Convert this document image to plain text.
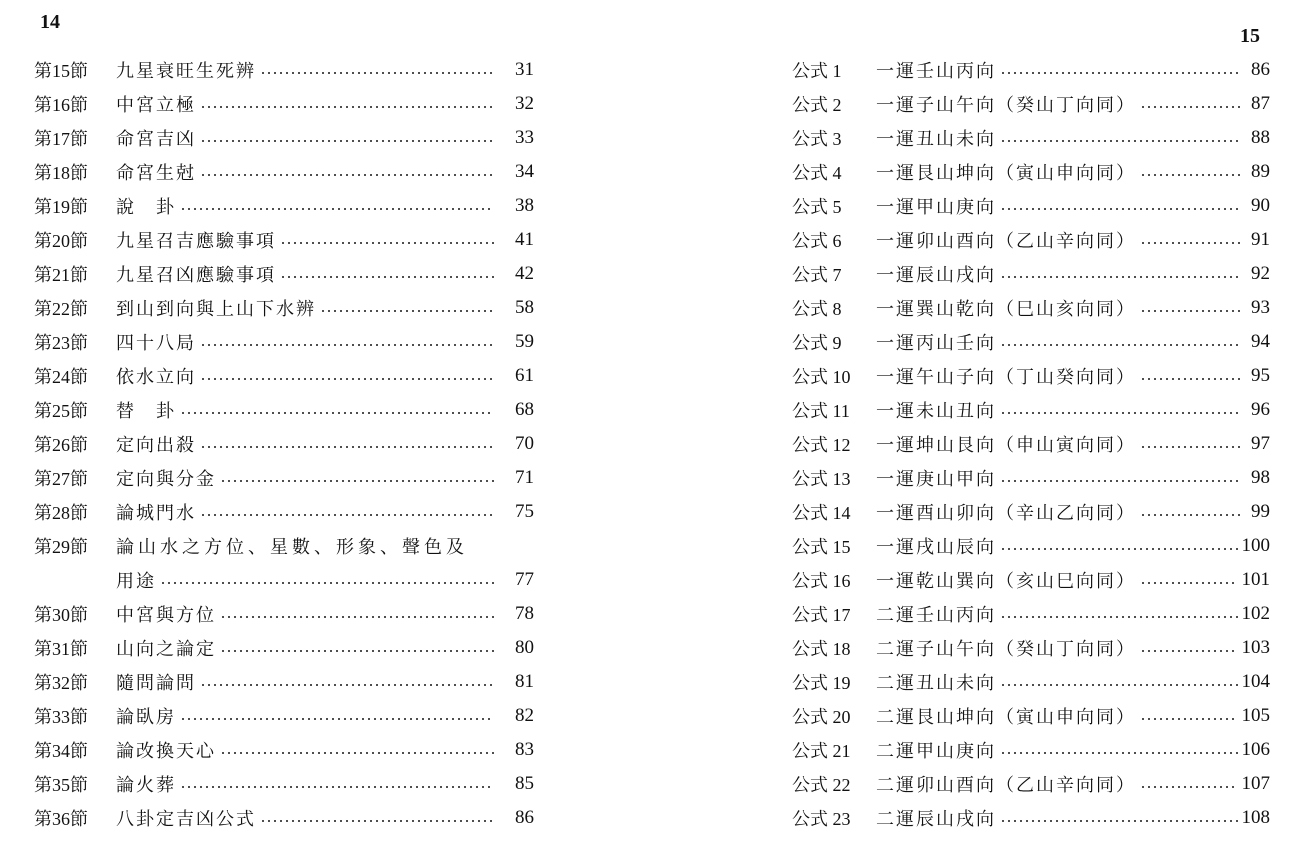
14
15
第15節	九星衰旺生死辨	31
第16節	中宮立極	32
第17節	命宮吉凶	33
第18節	命宮生尅	34
第19節	說　卦	38
第20節	九星召吉應驗事項	41
第21節	九星召凶應驗事項	42
第22節	到山到向與上山下水辨	58
第23節	四十八局	59
第24節	依水立向	61
第25節	替　卦	68
第26節	定向出殺	70
第27節	定向與分金	71
第28節	論城門水	75
第29節	論山水之方位、星數、形象、聲色及
用途	77
第30節	中宮與方位	78
第31節	山向之論定	80
第32節	隨問論問	81
第33節	論臥房	82
第34節	論改換天心	83
第35節	論火葬	85
第36節	八卦定吉凶公式	86
公式 1	一運壬山丙向	86
公式 2	一運子山午向（癸山丁向同）	87
公式 3	一運丑山未向	88
公式 4	一運艮山坤向（寅山申向同）	89
公式 5	一運甲山庚向	90
公式 6	一運卯山酉向（乙山辛向同）	91
公式 7	一運辰山戌向	92
公式 8	一運巽山乾向（巳山亥向同）	93
公式 9	一運丙山壬向	94
公式 10	一運午山子向（丁山癸向同）	95
公式 11	一運未山丑向	96
公式 12	一運坤山艮向（申山寅向同）	97
公式 13	一運庚山甲向	98
公式 14	一運酉山卯向（辛山乙向同）	99
公式 15	一運戌山辰向	100
公式 16	一運乾山巽向（亥山巳向同）	101
公式 17	二運壬山丙向	102
公式 18	二運子山午向（癸山丁向同）	103
公式 19	二運丑山未向	104
公式 20	二運艮山坤向（寅山申向同）	105
公式 21	二運甲山庚向	106
公式 22	二運卯山酉向（乙山辛向同）	107
公式 23	二運辰山戌向	108
